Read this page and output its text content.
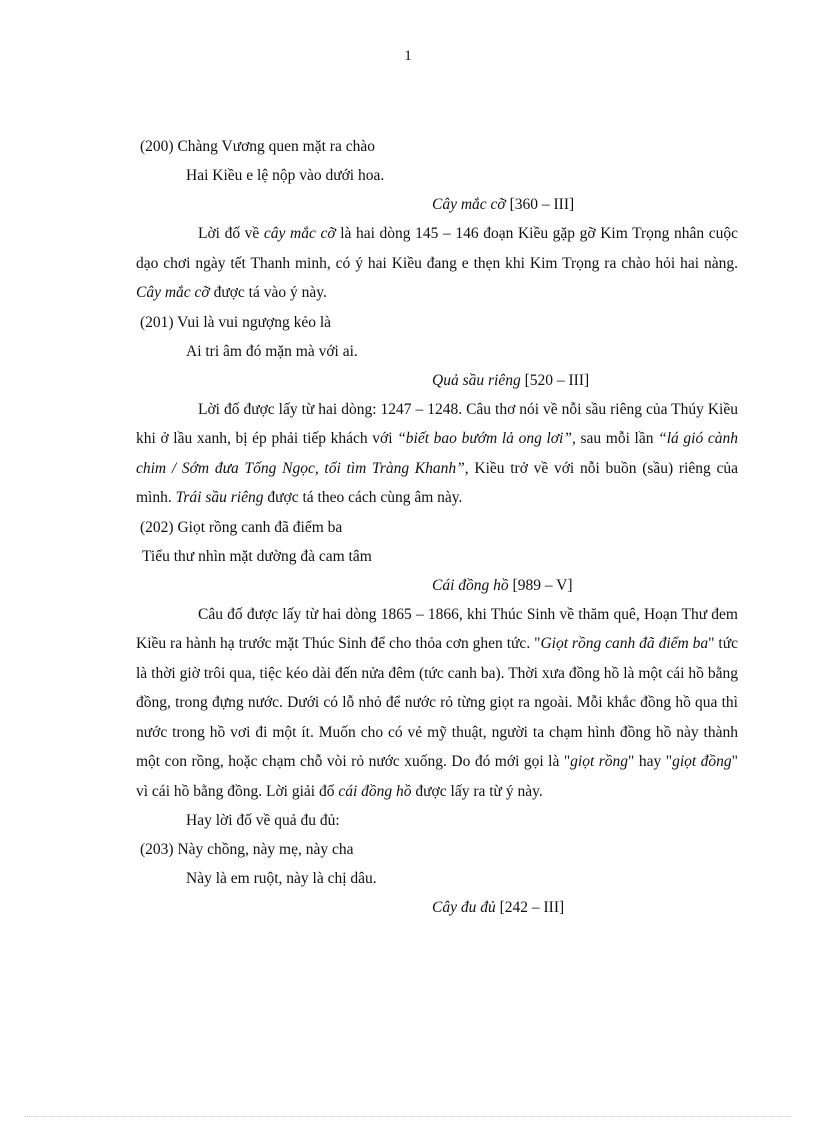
1
(200) Chàng Vương quen mặt ra chào
Hai Kiều e lệ nộp vào dưới hoa.
Cây mắc cỡ [360 – III]

Lời đố về cây mắc cỡ là hai dòng 145 – 146 đoạn Kiều gặp gỡ Kim Trọng nhân cuộc dạo chơi ngày tết Thanh minh, có ý hai Kiều đang e thẹn khi Kim Trọng ra chào hỏi hai nàng. Cây mắc cỡ được tá vào ý này.

(201) Vui là vui ngượng kẻo là
Ai tri âm đó mặn mà với ai.
Quả sầu riêng [520 – III]

Lời đố được lấy từ hai dòng: 1247 – 1248. Câu thơ nói về nỗi sầu riêng của Thúy Kiều khi ở lầu xanh, bị ép phải tiếp khách với “biết bao bướm lả ong lơi”, sau mỗi lần “lá gió cành chim / Sớm đưa Tống Ngọc, tối tìm Tràng Khanh”, Kiều trở về với nỗi buồn (sầu) riêng của mình. Trái sầu riêng được tá theo cách cùng âm này.

(202) Giọt rồng canh đã điểm ba
Tiểu thư nhìn mặt dường đà cam tâm
Cái đồng hồ [989 – V]

Câu đố được lấy từ hai dòng 1865 – 1866, khi Thúc Sinh về thăm quê, Hoạn Thư đem Kiều ra hành hạ trước mặt Thúc Sinh để cho thỏa cơn ghen tức. "Giọt rồng canh đã điểm ba" tức là thời giờ trôi qua, tiệc kéo dài đến nửa đêm (tức canh ba). Thời xưa đồng hồ là một cái hồ bằng đồng, trong đựng nước. Dưới có lỗ nhỏ để nước rỏ từng giọt ra ngoài. Mỗi khắc đồng hồ qua thì nước trong hồ vơi đi một ít. Muốn cho có vẻ mỹ thuật, người ta chạm hình đồng hồ này thành một con rồng, hoặc chạm chỗ vòi rỏ nước xuống. Do đó mới gọi là "giọt rồng" hay "giọt đồng" vì cái hồ bằng đồng. Lời giải đố cái đồng hồ được lấy ra từ ý này.

Hay lời đố về quả đu đủ:
(203) Này chồng, này mẹ, này cha
Này là em ruột, này là chị dâu.
Cây đu đủ [242 – III]
